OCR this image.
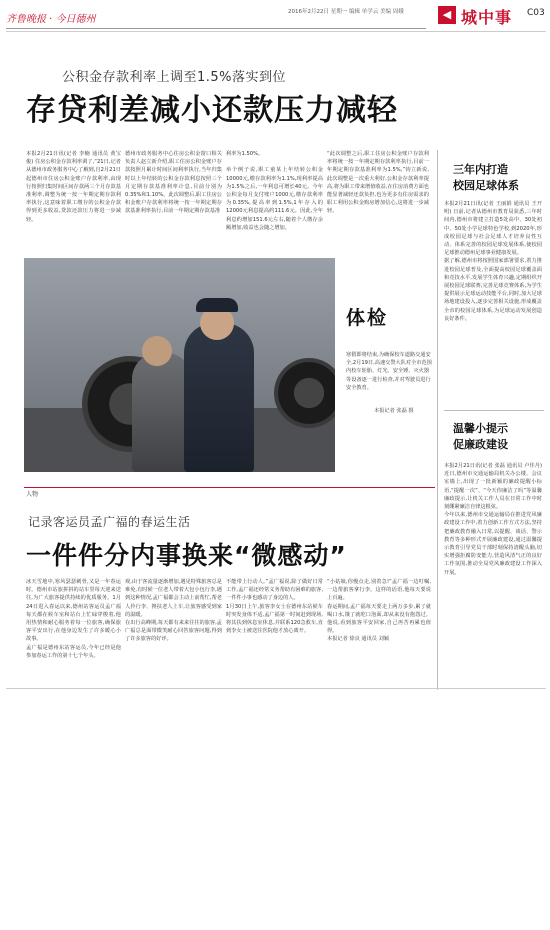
齐鲁晚报 · 今日德州
2016年2月22日 星期一 编辑 单学云 美编 周娥	◀ 城中事 C03
公积金存款利率上调至1.5%落实到位
存贷利差减小还款压力减轻
本报2月21日讯(记者 李楠 通讯员 黄宝俊) 住房公积金存款利率调了,“21日,记者从德州市政务服务中心了解到,自2月21日起德州市住房公积金账户存款利率,由现行按照归集时间区间存款两三个月存款基准利率,调整为统一按一年期定期存款利率执行,这意味着职工缴存的公积金存款得到更多收益,贷款还款压力将进一步减轻。
德州市政务服务中心住房公积金窗口相关负责人赵立新介绍,职工住房公积金账户存款按照月累计时间区间利率执行,当年归集时以上年结转的公积金存款利息按照三个月定期存款基准利率计息,目前分别为0.35%和1.10%。此次调整后,职工住房公积金账户存款利率将统一按一年期定期存款基准利率执行,目前一年期定期存款基准
利率为1.50%。

举个例子说,职工童某上年结转公积金10000元,缴存款利率为1.1%,现利率提高为1.5%之后,一年利息可增长40元。今年公积金每月支付账户1000元,缴存款利率为0.35%,提高率到1.5%,1年存入的12000元利息提高约111.6元。因此,全年利息约增加151.6元左右,随着个人缴存余额增加,收益也会随之增加。
“此次调整之后,职工住房公积金账户存款利率将统一按一年期定期存款利率执行,目前一年期定期存款基准利率为1.5%,”钧立新说,此次调整是一次重大利好,公积金存款利率提高,将为职工带来增值收益,在住房消费方面也能显著减轻还款负担,也为更多有住房需求的职工利用公积金购房增加信心,这将进一步减轻。
体检
寒假即将结束,为确保校车道路交通安全,2月19日,高速交警大队对全市范围内校车轮胎、灯光、安全锤、灭火器等设备逐一进行检查,并对驾驶员进行安全教育。
本报记者 张磊 摄
三年内打造
校园足球体系
本报2月21日讯(记者 王丽娟 通讯员 王开明) 日前,记者从德州市教育局获悉,三年时间内,德州市将建立打造5处高中、30处初中、50处小学足球特色学校,到2020年,形成校园足球与社会足球人才培养良性互动、体系完善的校园足球发展体系,使校园足球推动德州足球事业健康发展。
据了解,德州市将按照国家部署要求,着力推进校园足球普及,全面提高校园足球覆盖面和竞技水平,发展学生体育兴趣,定期组织开展校园足球联赛,完善足球竞赛体系,为学生提供展示足球运动技能平台,同时,加大足球场地建设投入,逐步完善相关设施,形成覆盖全市的校园足球体系,为足球运动发展创造良好条件。
温馨小提示
促廉政建设
本报2月21日讯(记者 张磊 通讯员 卢佳丹) 近日,德州市交通运输局机关办公楼、会议室墙上,出现了一批新颖的廉政提醒小标语,“提醒一次”、“今天你廉洁了吗”等温馨廉政提示,让机关工作人员在日常工作中时刻绷紧廉洁自律这根弦。
今年以来,德州市交通运输局在推进党风廉政建设工作中,着力创新工作方式方法,坚持把廉政教育融入日常,以提醒、谈话、警示教育等多种形式开展廉政建设,通过温馨提示教育引导党员干部时刻保持清醒头脑,切实增强拒腐防变能力,营造风清气正的良好工作氛围,推动全局党风廉政建设工作深入开展。
人物
记录客运员孟广福的春运生活
一件件分内事换来“微感动”
冰天雪地中,寒风瑟瑟刺骨,又是一年春运时。德州市站旅拼拼的站车里每天迎来送往,为广大旅客提供持续的优质服务。1月24日进入春运以来,德州站客运员孟广福每天都在候车室和站台上忙碌穿梭着,他用热情和耐心服务着每一位旅客,确保旅客平安出行,在他身边发生了许多暖心小故事。
孟广福是德州东站客运员,今年已经是他参加春运工作的第十七个年头。
观,由于客流量逐渐增加,遇见特殊旅客总是难免,有时候一位老人带着大包小包行李,遇到这种情况,孟广福都会主动上前帮忙,帮老人拎行李、搀扶老人上车,让旅客感受到家的温暖。
在出行高峰期,每天都有来来往往的旅客,孟广福总是面带微笑耐心回答旅客问题,得到了许多旅客的好评。
不能带上行动人。”孟广福说,除了做好日常工作,孟广福还经常义务帮助有困难的旅客,一件件小事也感动了身边的人。
1月30日上午,旅客李女士在德州东站候车时突发身体不适,孟广福第一时间赶到现场,将其扶到休息室休息,并联系120急救车,直到李女士被送往医院他才放心离开。
“小姑娘,你慢点走,别着急!”孟广福一边叮嘱,一边帮旅客拿行李。这样的话语,他每天要说上百遍。
春运期间,孟广福每天要走上两万多步,累了就喝口水,饿了就吃口泡面,却从来没有抱怨过。他说,看到旅客平安回家,自己再苦再累也值得。
本报记者 徐良 通讯员 刘颖
